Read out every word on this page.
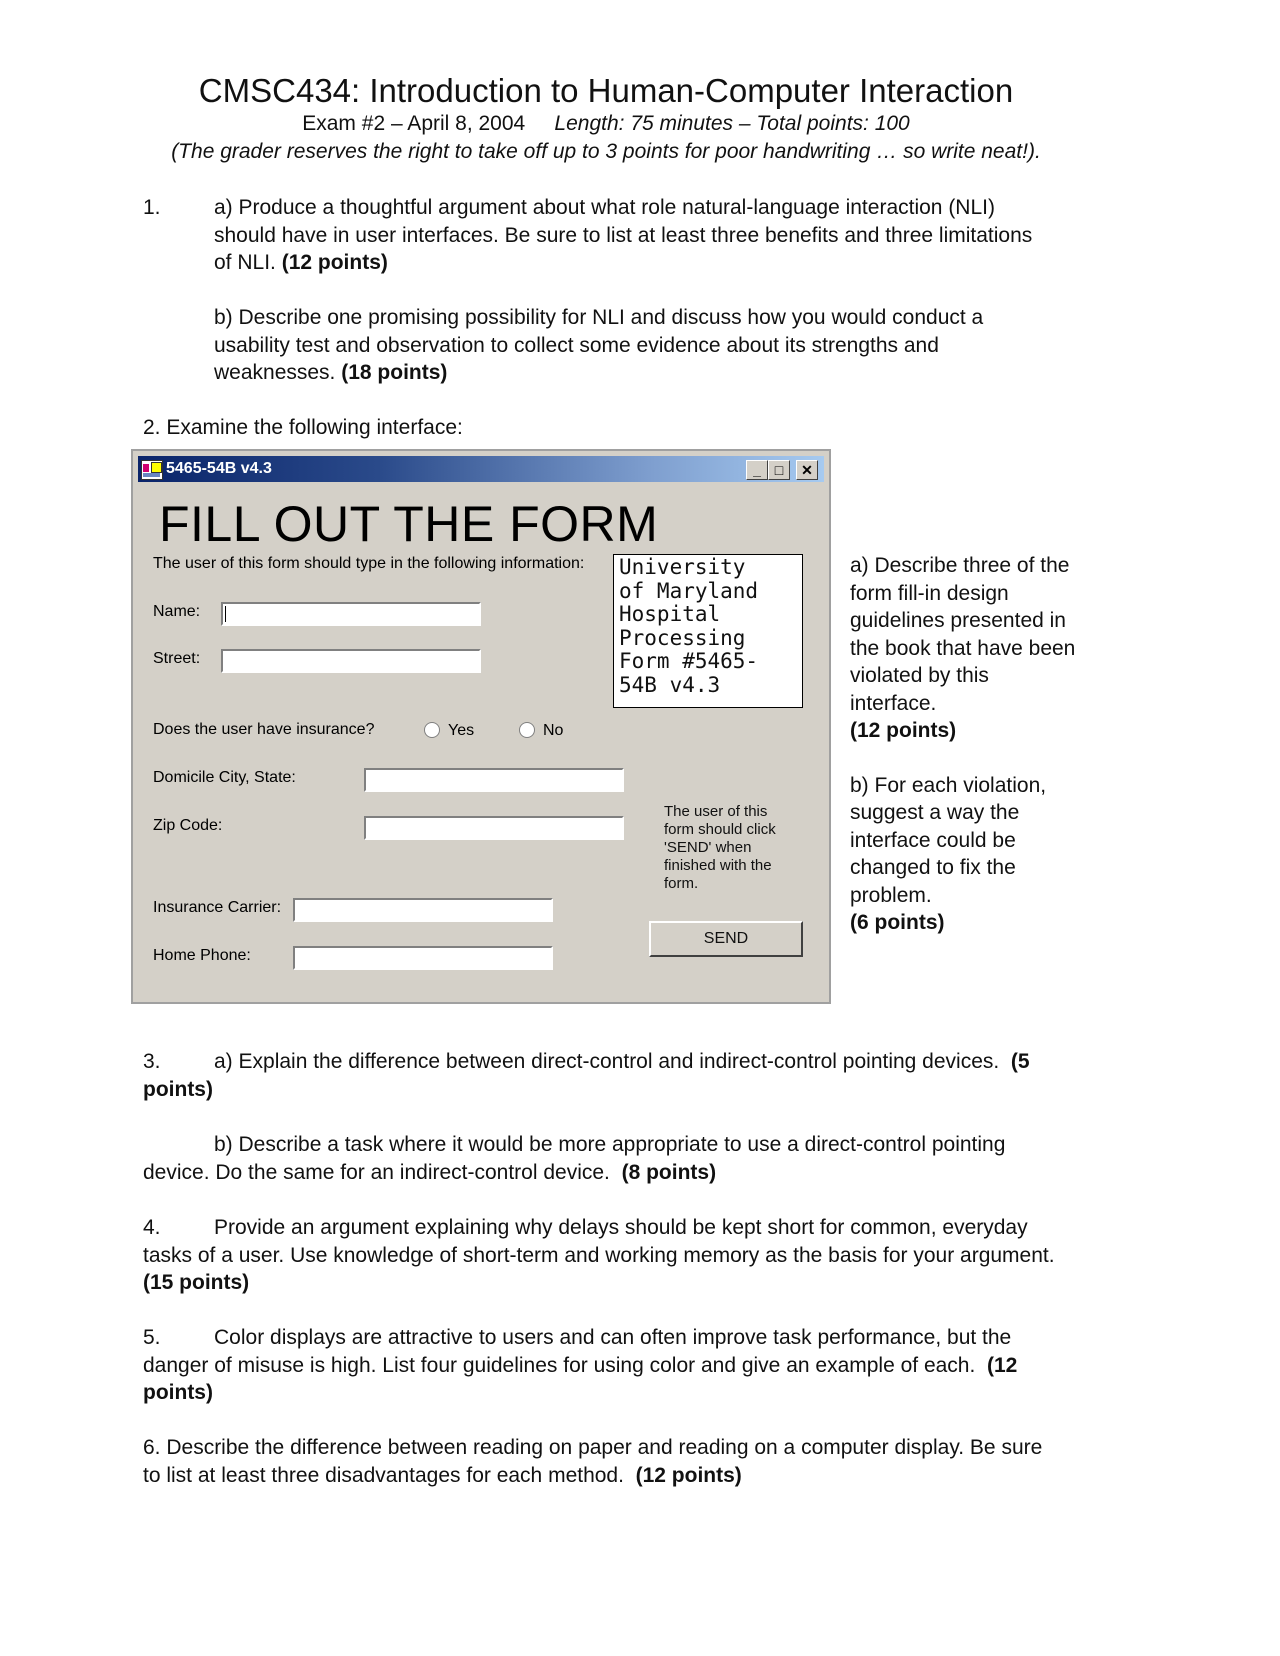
CMSC434: Introduction to Human-Computer Interaction
Exam #2 – April 8, 2004 Length: 75 minutes – Total points: 100
(The grader reserves the right to take off up to 3 points for poor handwriting … so write neat!).
1.	a) Produce a thoughtful argument about what role natural-language interaction (NLI) should have in user interfaces. Be sure to list at least three benefits and three limitations of NLI. (12 points)
b) Describe one promising possibility for NLI and discuss how you would conduct a usability test and observation to collect some evidence about its strengths and weaknesses. (18 points)
2. Examine the following interface:
5465-54B v4.3	_ □	✕
FILL OUT THE FORM
The user of this form should type in the following information: University
of Maryland
Hospital
Processing
Form #5465-
54B v4.3
Name:
Street:
Does the user have insurance?	Yes	No
Domicile City, State:
Zip Code:
Insurance Carrier:
Home Phone:
The user of this form should click 'SEND' when finished with the form.
SEND
a) Describe three of the form fill-in design guidelines presented in the book that have been violated by this interface.
(12 points)
b) For each violation, suggest a way the interface could be changed to fix the problem.
(6 points)
3.	a) Explain the difference between direct-control and indirect-control pointing devices. (5 points)
b) Describe a task where it would be more appropriate to use a direct-control pointing device. Do the same for an indirect-control device. (8 points)
4.	Provide an argument explaining why delays should be kept short for common, everyday tasks of a user. Use knowledge of short-term and working memory as the basis for your argument.  (15 points)
5.	Color displays are attractive to users and can often improve task performance, but the danger of misuse is high. List four guidelines for using color and give an example of each. (12 points)
6. Describe the difference between reading on paper and reading on a computer display. Be sure to list at least three disadvantages for each method. (12 points)
